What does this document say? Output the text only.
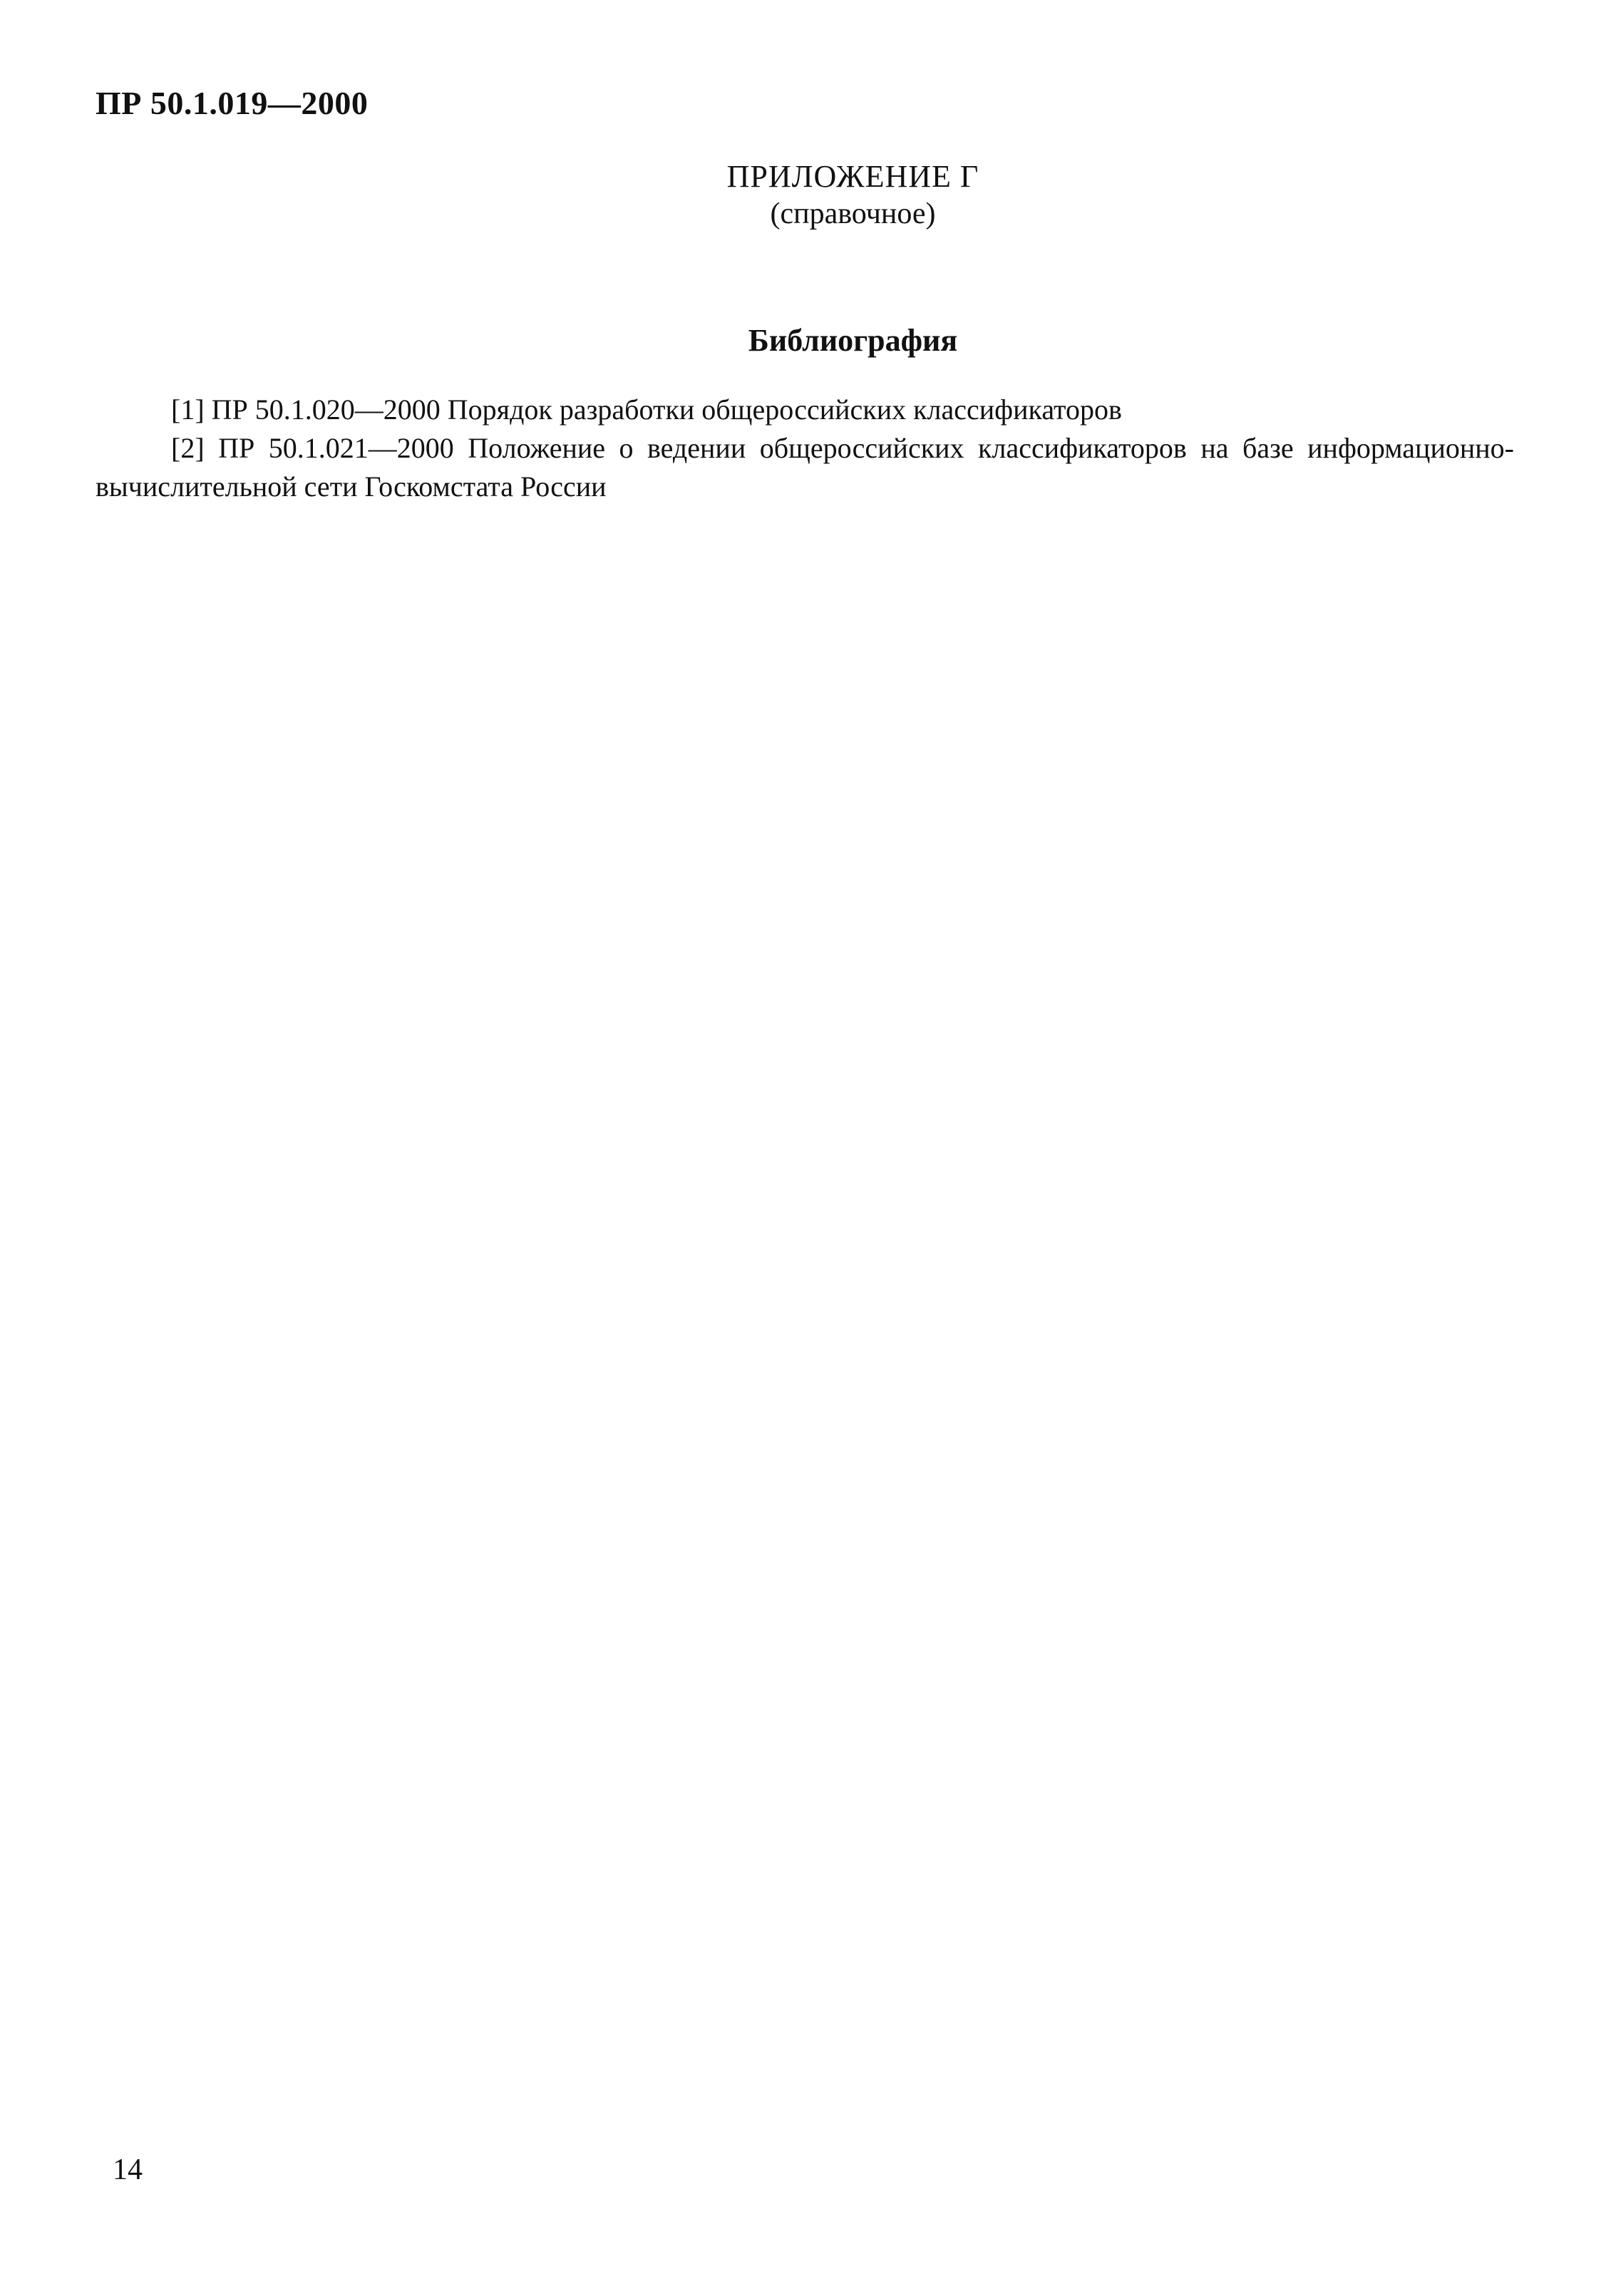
ПР 50.1.019—2000
ПРИЛОЖЕНИЕ Г
(справочное)
Библиография

[1] ПР 50.1.020—2000 Порядок разработки общероссийских классификаторов

[2] ПР 50.1.021—2000 Положение о ведении общероссийских классификаторов на базе информационно-вычислительной сети Госкомстата России

14
